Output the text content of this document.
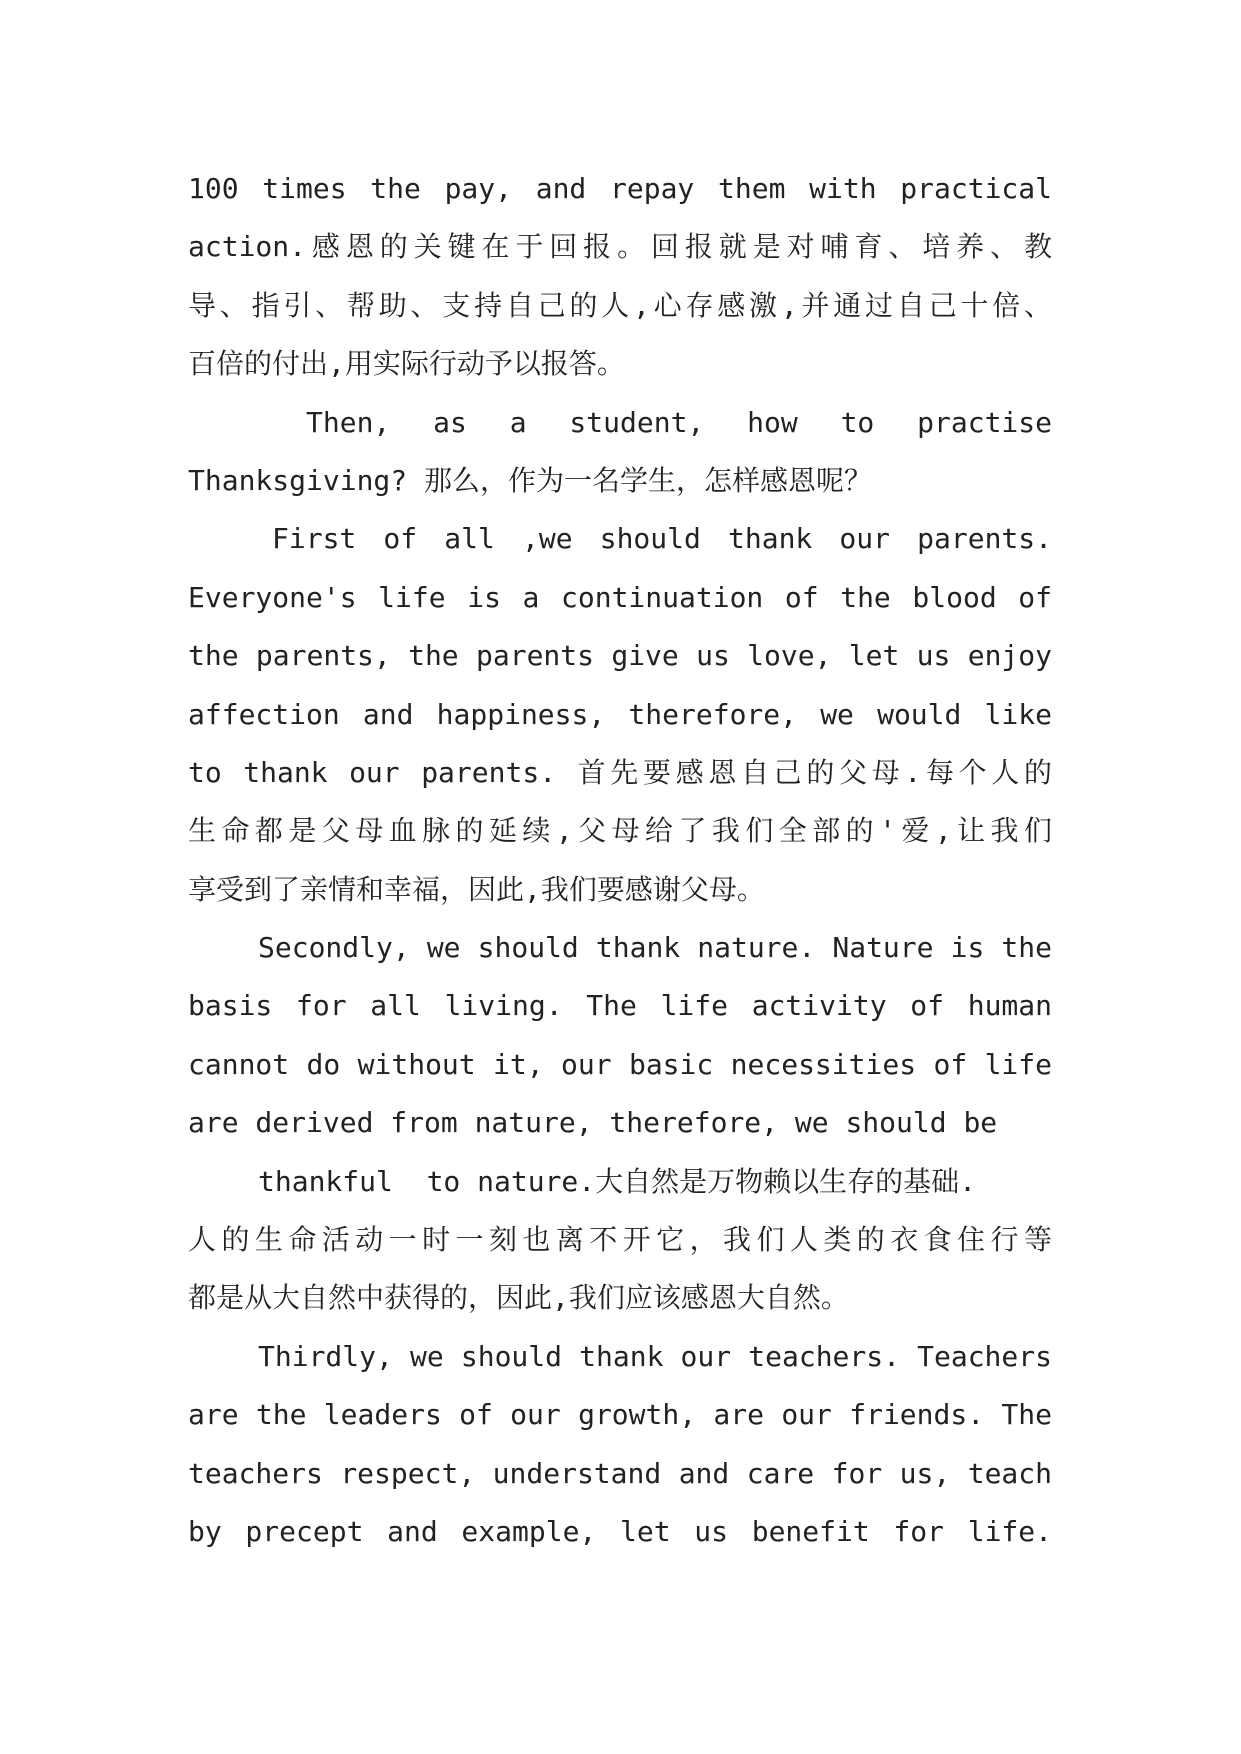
100 times the pay, and repay them with practical
action.感恩的关键在于回报。回报就是对哺育、培养、教
导、指引、帮助、支持自己的人,心存感激,并通过自己十倍、
百倍的付出,用实际行动予以报答。
Then, as a student, how to practise
Thanksgiving? 那么，作为一名学生，怎样感恩呢？
First of all ,we should thank our parents.
Everyone's life is a continuation of the blood of
the parents, the parents give us love, let us enjoy
affection and happiness, therefore, we would like
to thank our parents. 首先要感恩自己的父母.每个人的
生命都是父母血脉的延续,父母给了我们全部的'爱,让我们
享受到了亲情和幸福，因此,我们要感谢父母。
Secondly, we should thank nature. Nature is the
basis for all living. The life activity of human
cannot do without it, our basic necessities of life
are derived from nature, therefore, we should be
thankful  to nature.大自然是万物赖以生存的基础.
人的生命活动一时一刻也离不开它，我们人类的衣食住行等
都是从大自然中获得的，因此,我们应该感恩大自然。
Thirdly, we should thank our teachers. Teachers
are the leaders of our growth, are our friends. The
teachers respect, understand and care for us, teach
by precept and example, let us benefit for life.
